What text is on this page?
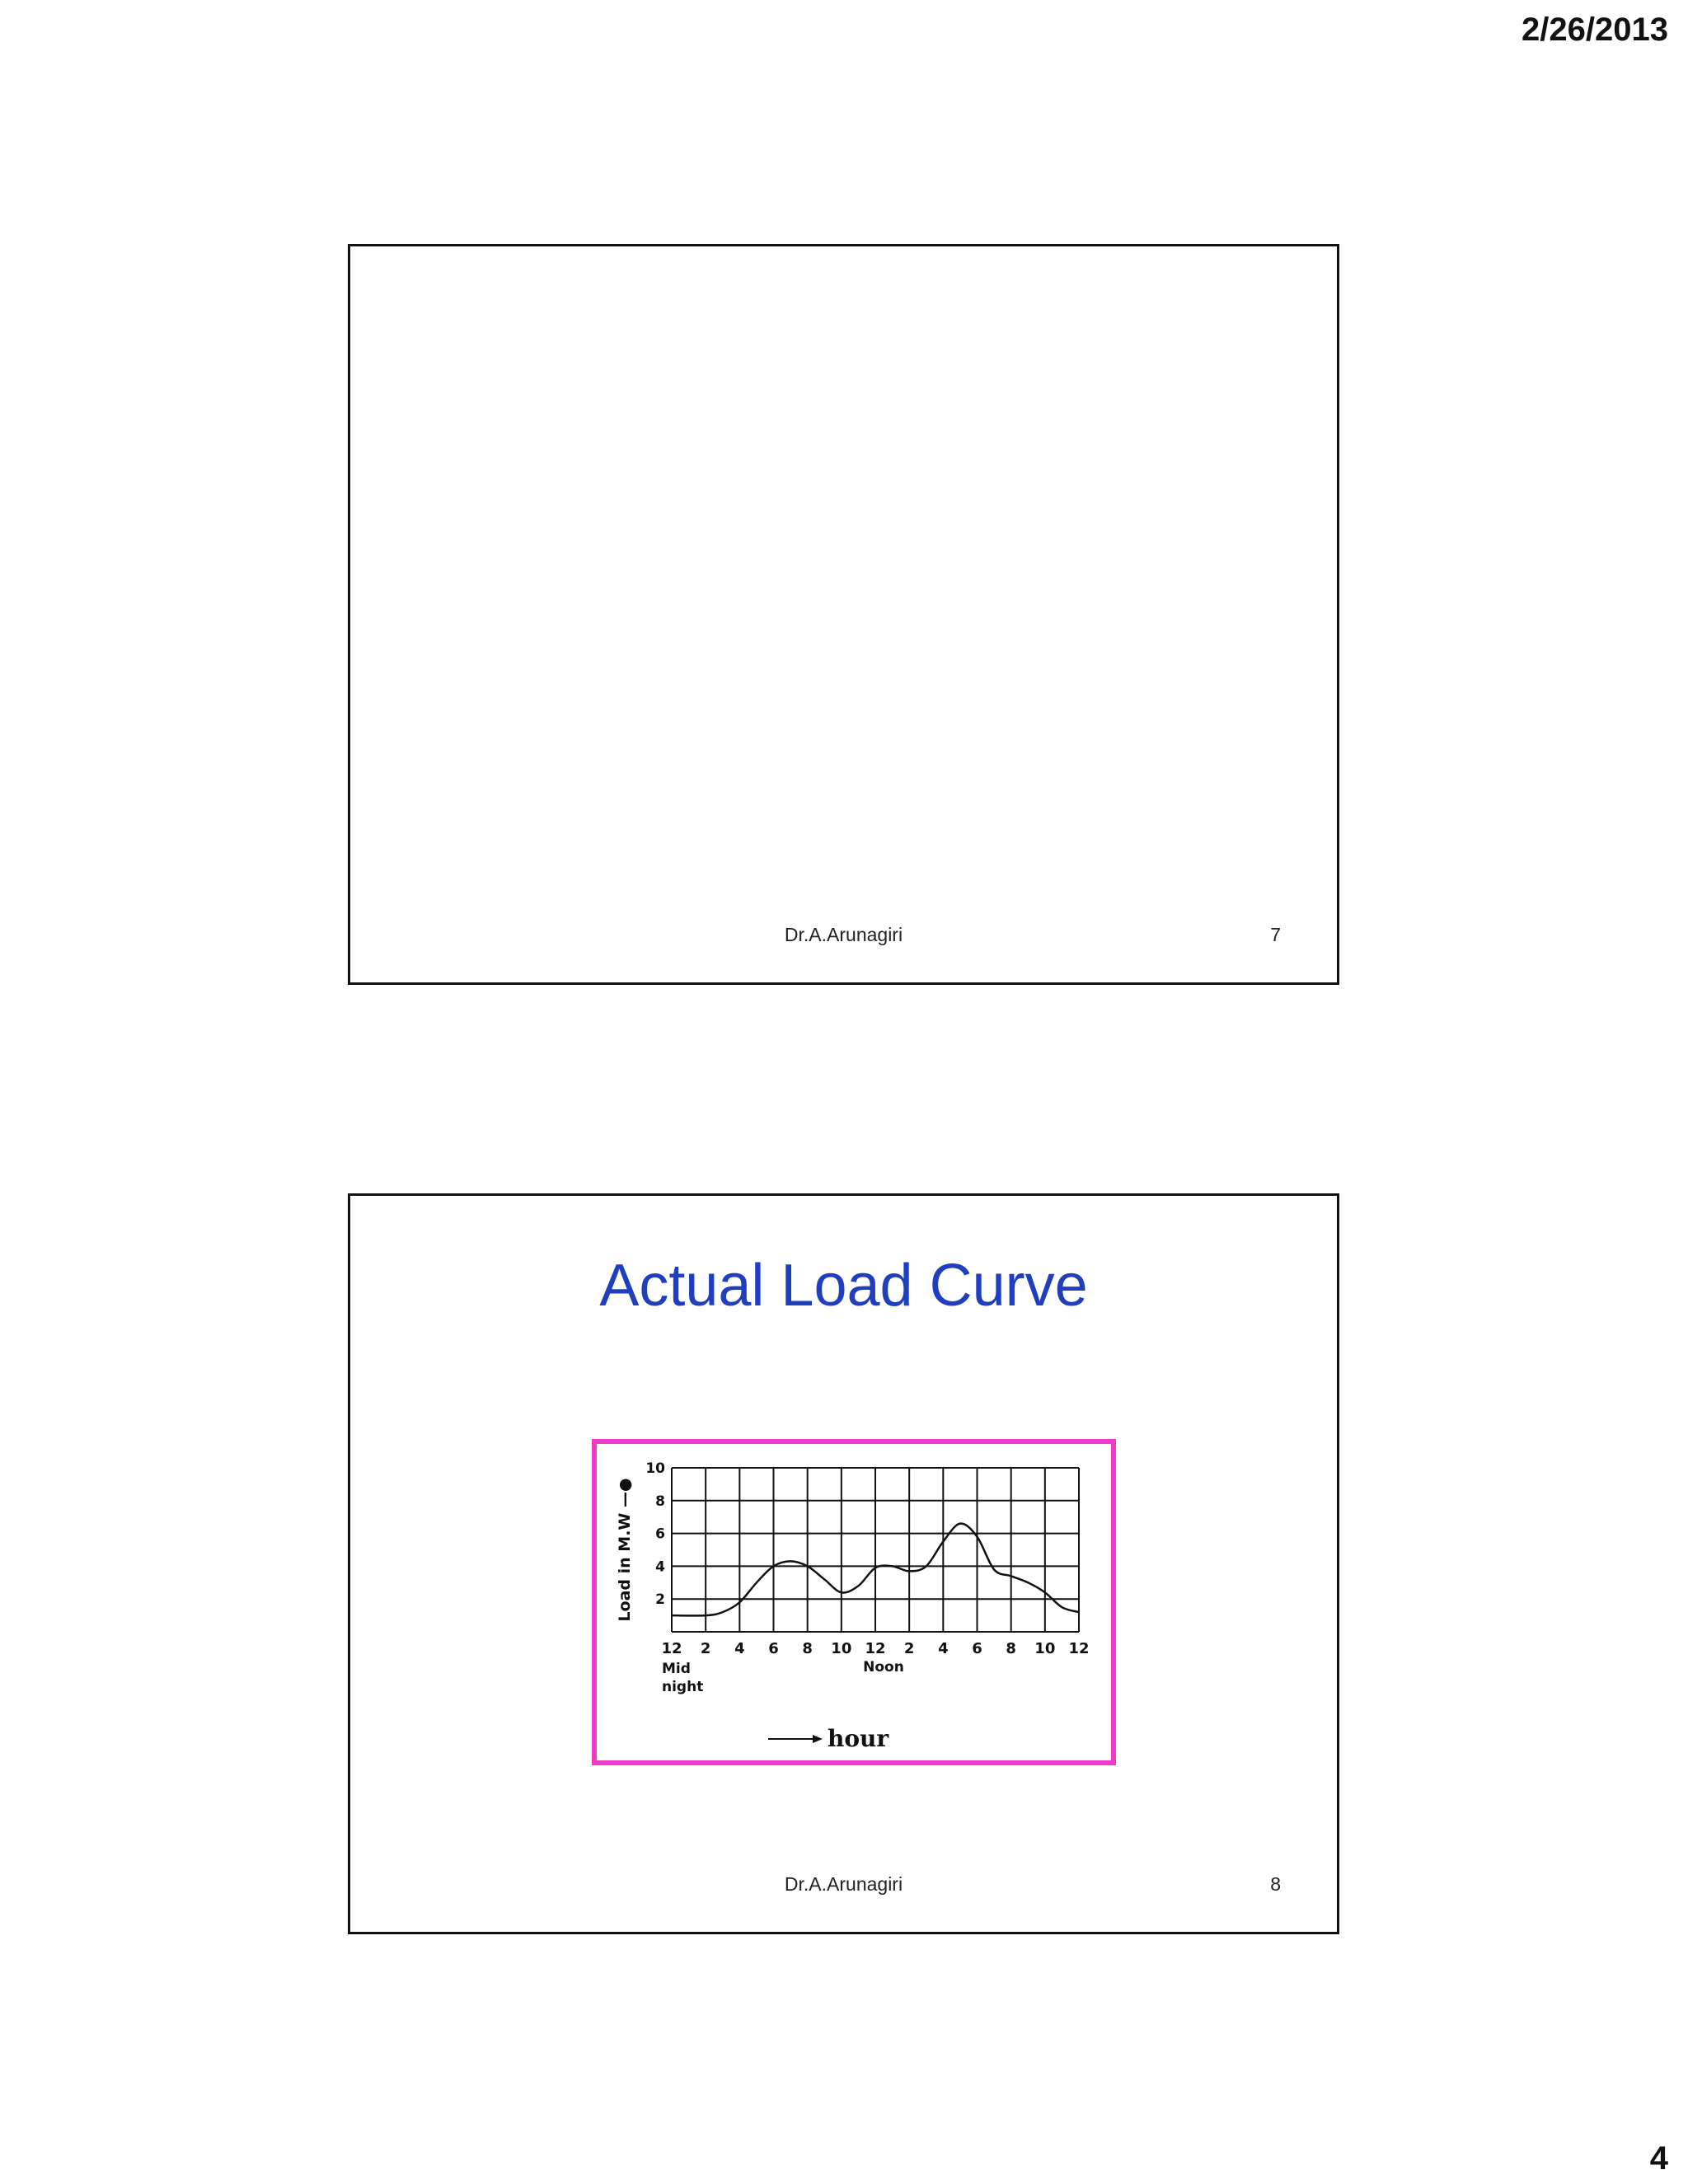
2/26/2013
Dr.A.Arunagiri	7
Actual Load Curve
12 2 4 6 8 10 12 2 4 6 8 10 12
2
4
6
8
10
Load in M.W —●
hour
Mid
night
Noon
Dr.A.Arunagiri	8
4
